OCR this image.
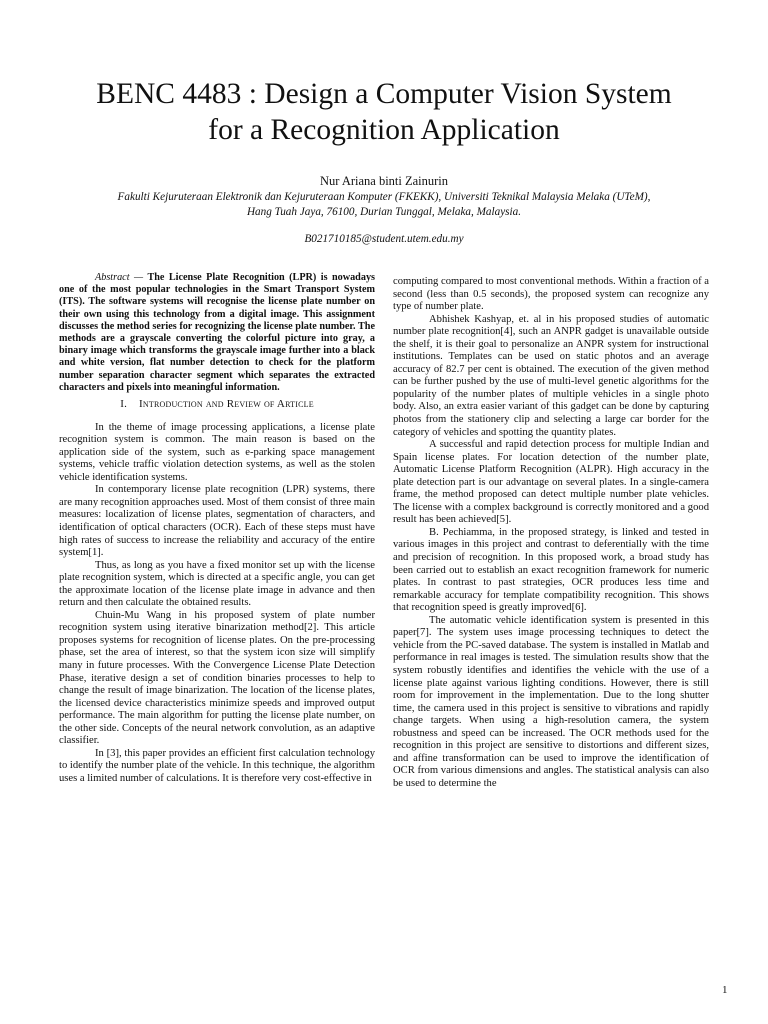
BENC 4483 : Design a Computer Vision System
for a Recognition Application
Nur Ariana binti Zainurin
Fakulti Kejuruteraan Elektronik dan Kejuruteraan Komputer (FKEKK), Universiti Teknikal Malaysia Melaka (UTeM),
Hang Tuah Jaya, 76100, Durian Tunggal, Melaka, Malaysia.
B021710185@student.utem.edu.my

Abstract — The License Plate Recognition (LPR) is nowadays one of the most popular technologies in the Smart Transport System (ITS). The software systems will recognise the license plate number on their own using this technology from a digital image. This assignment discusses the method series for recognizing the license plate number. The methods are a grayscale converting the colorful picture into gray, a binary image which transforms the grayscale image further into a black and white version, flat number detection to check for the platform number separation character segment which separates the extracted characters and pixels into meaningful information.

I. Introduction and Review of Article

In the theme of image processing applications, a license plate recognition system is common. The main reason is based on the application side of the system, such as e-parking space management systems, vehicle traffic violation detection systems, as well as the stolen vehicle identification systems.

In contemporary license plate recognition (LPR) systems, there are many recognition approaches used. Most of them consist of three main measures: localization of license plates, segmentation of characters, and identification of optical characters (OCR). Each of these steps must have high rates of success to increase the reliability and accuracy of the entire system[1].

Thus, as long as you have a fixed monitor set up with the license plate recognition system, which is directed at a specific angle, you can get the approximate location of the license plate image in advance and then return and then calculate the obtained results.

Chuin-Mu Wang in his proposed system of plate number recognition system using iterative binarization method[2]. This article proposes systems for recognition of license plates. On the pre-processing phase, set the area of interest, so that the system icon size will simplify many in future processes. With the Convergence License Plate Detection Phase, iterative design a set of condition binaries processes to help to change the result of image binarization. The location of the license plates, the licensed device characteristics minimize speeds and improved output performance. The main algorithm for putting the license plate number, on the other side. Concepts of the neural network convolution, as an adaptive classifier.

In [3], this paper provides an efficient first calculation technology to identify the number plate of the vehicle. In this technique, the algorithm uses a limited number of calculations. It is therefore very cost-effective in

computing compared to most conventional methods. Within a fraction of a second (less than 0.5 seconds), the proposed system can recognize any type of number plate.

Abhishek Kashyap, et. al in his proposed studies of automatic number plate recognition[4], such an ANPR gadget is unavailable outside the shelf, it is their goal to personalize an ANPR system for instructional institutions. Templates can be used on static photos and an average accuracy of 82.7 per cent is obtained. The execution of the given method can be further pushed by the use of multi-level genetic algorithms for the popularity of the number plates of multiple vehicles in a single photo body. Also, an extra easier variant of this gadget can be done by capturing photos from the stationery clip and selecting a large car border for the category of vehicles and spotting the quantity plates.

A successful and rapid detection process for multiple Indian and Spain license plates. For location detection of the number plate, Automatic License Platform Recognition (ALPR). High accuracy in the plate detection part is our advantage on several plates. In a single-camera frame, the method proposed can detect multiple number plate vehicles. The license with a complex background is correctly monitored and a good result has been achieved[5].

B. Pechiamma, in the proposed strategy, is linked and tested in various images in this project and contrast to deferentially with the time and precision of recognition. In this proposed work, a broad study has been carried out to establish an exact recognition framework for numeric plates. In contrast to past strategies, OCR produces less time and remarkable accuracy for template compatibility recognition. This shows that recognition speed is greatly improved[6].

The automatic vehicle identification system is presented in this paper[7]. The system uses image processing techniques to detect the vehicle from the PC-saved database. The system is installed in Matlab and performance in real images is tested. The simulation results show that the system robustly identifies and identifies the vehicle with the use of a license plate against various lighting conditions. However, there is still room for improvement in the implementation. Due to the long shutter time, the camera used in this project is sensitive to vibrations and rapidly change targets. When using a high-resolution camera, the system robustness and speed can be increased. The OCR methods used for the recognition in this project are sensitive to distortions and different sizes, and affine transformation can be used to improve the identification of OCR from various dimensions and angles. The statistical analysis can also be used to determine the

1
